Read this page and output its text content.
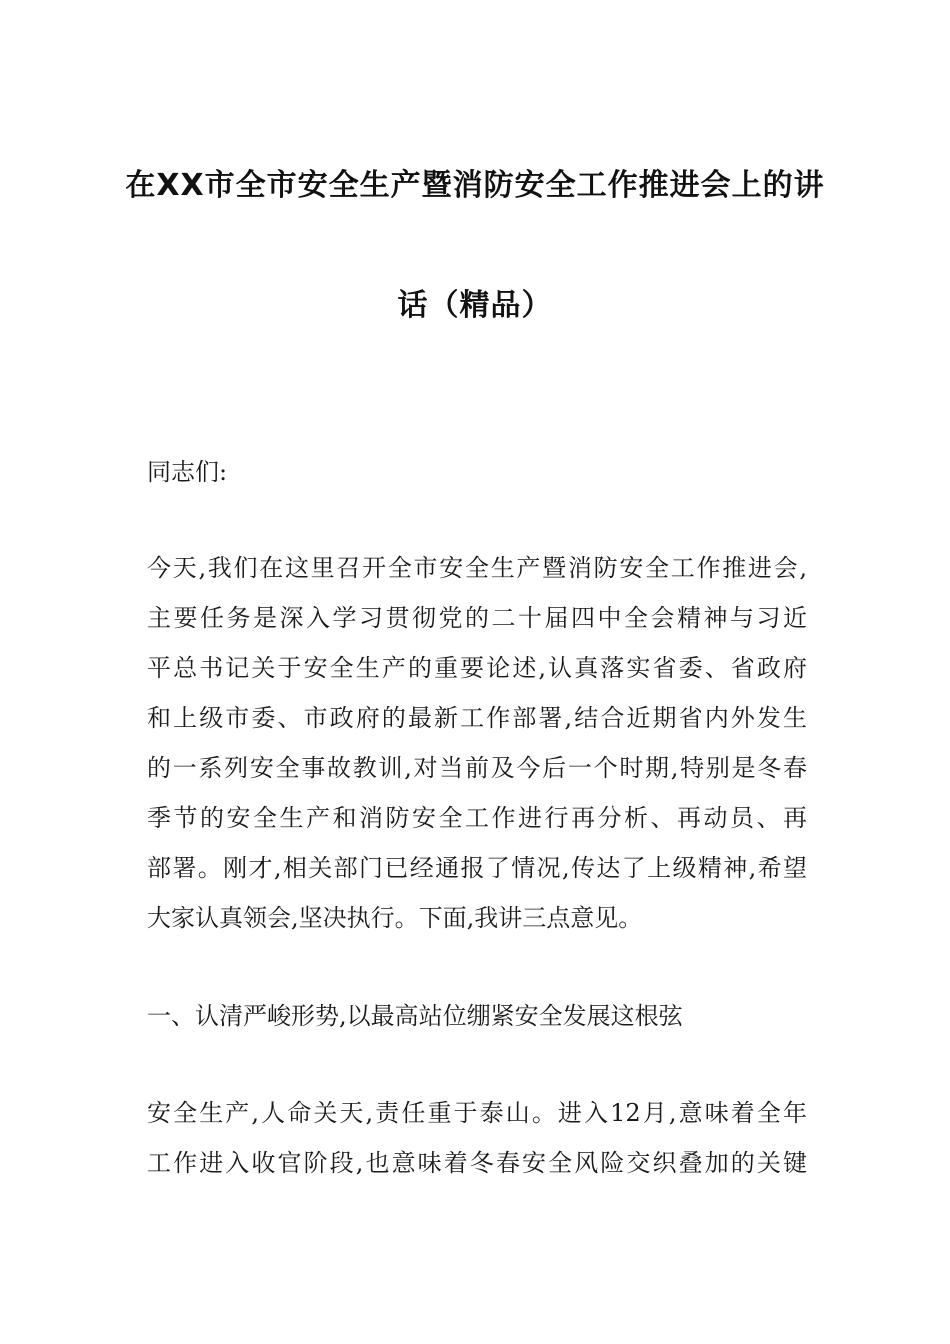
在XX市全市安全生产暨消防安全工作推进会上的讲
话（精品）
同志们:
今天,我们在这里召开全市安全生产暨消防安全工作推进会,
主要任务是深入学习贯彻党的二十届四中全会精神与习近
平总书记关于安全生产的重要论述,认真落实省委、省政府
和上级市委、市政府的最新工作部署,结合近期省内外发生
的一系列安全事故教训,对当前及今后一个时期,特别是冬春
季节的安全生产和消防安全工作进行再分析、再动员、再
部署。刚才,相关部门已经通报了情况,传达了上级精神,希望
大家认真领会,坚决执行。下面,我讲三点意见。
一、认清严峻形势,以最高站位绷紧安全发展这根弦
安全生产,人命关天,责任重于泰山。进入12月,意味着全年
工作进入收官阶段,也意味着冬春安全风险交织叠加的关键
